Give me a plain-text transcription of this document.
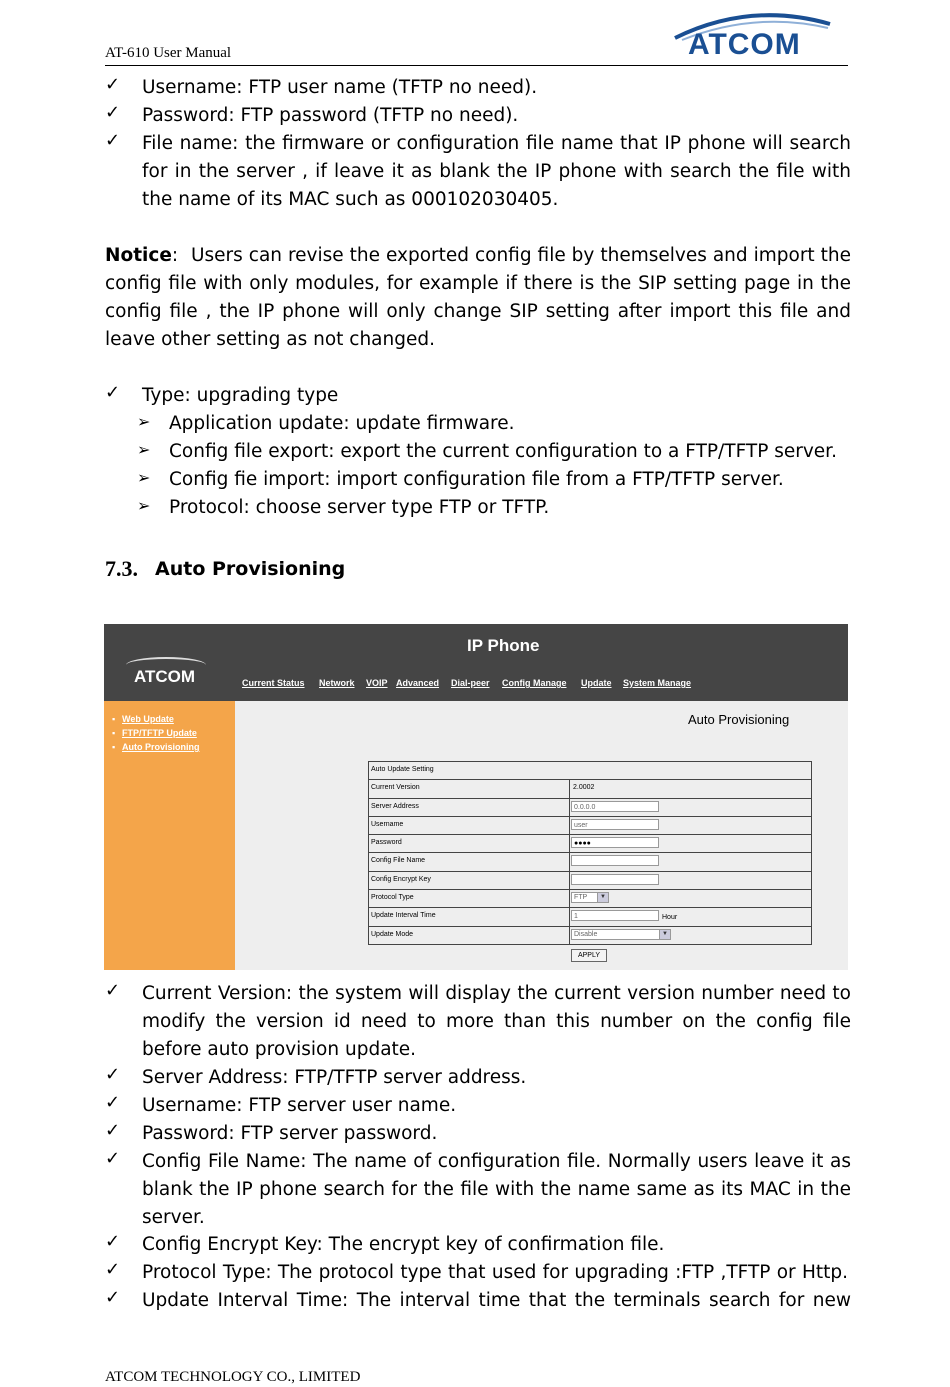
AT-610 User Manual	ATCOM
✓ Username: FTP user name (TFTP no need).
✓ Password: FTP password (TFTP no need).
✓ File name: the firmware or configuration file name that IP phone will search
for in the server , if leave it as blank the IP phone with search the file with
the name of its MAC such as 000102030405.
Notice: Users can revise the exported config file by themselves and import the
config file with only modules, for example if there is the SIP setting page in the
config file , the IP phone will only change SIP setting after import this file and
leave other setting as not changed.
✓ Type: upgrading type
➢ Application update: update firmware.
➢ Config file export: export the current configuration to a FTP/TFTP server.
➢ Config fie import: import configuration file from a FTP/TFTP server.
➢ Protocol: choose server type FTP or TFTP.
7.3. Auto Provisioning
IP Phone
ATCOM	Current Status Network VOIP Advanced Dial-peer Config Manage Update System Manage
▪ Web Update
▪ FTP/TFTP Update
▪ Auto Provisioning
Auto Provisioning
Auto Update Setting
Current Version	2.0002
Server Address	0.0.0.0
Username	user
Password	●●●●
Config File Name
Config Encrypt Key
Protocol Type	FTP	▼
Update Interval Time	1	Hour
Update Mode	Disable	▼
APPLY
✓ Current Version: the system will display the current version number need to
modify the version id need to more than this number on the config file
before auto provision update.
✓ Server Address: FTP/TFTP server address.
✓ Username: FTP server user name.
✓ Password: FTP server password.
✓ Config File Name: The name of configuration file. Normally users leave it as
blank the IP phone search for the file with the name same as its MAC in the
server.
✓ Config Encrypt Key: The encrypt key of confirmation file.
✓ Protocol Type: The protocol type that used for upgrading :FTP ,TFTP or Http.
✓ Update Interval Time: The interval time that the terminals search for new
ATCOM TECHNOLOGY CO., LIMITED
